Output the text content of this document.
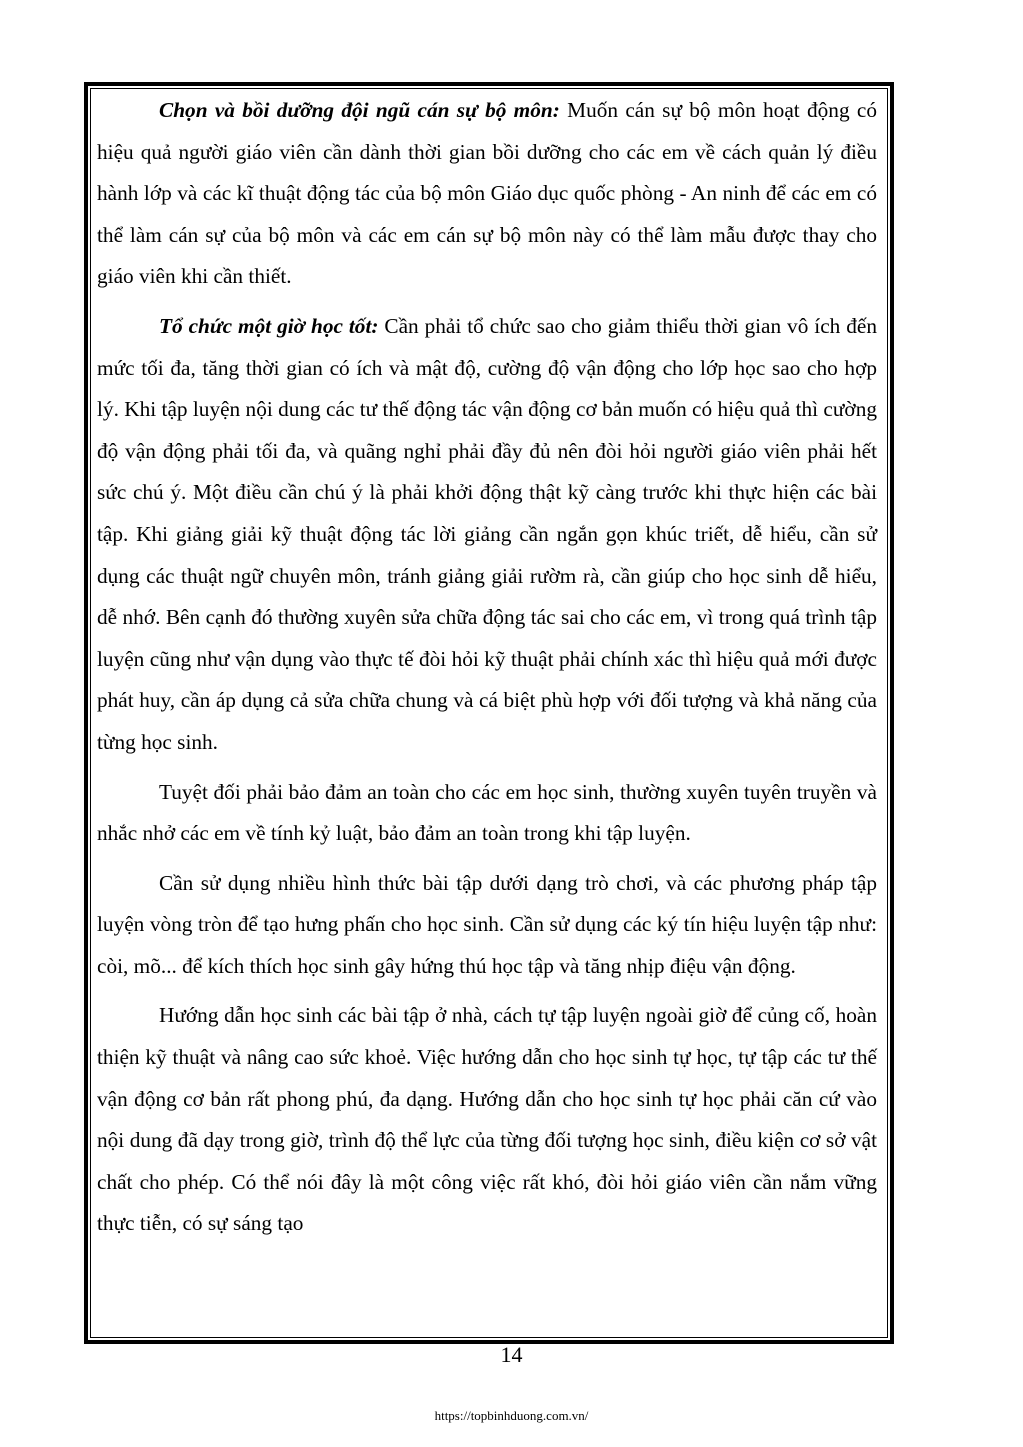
Chọn và bồi dưỡng đội ngũ cán sự bộ môn: Muốn cán sự bộ môn hoạt động có hiệu quả người giáo viên cần dành thời gian bồi dưỡng cho các em về cách quản lý điều hành lớp và các kĩ thuật động tác của bộ môn Giáo dục quốc phòng - An ninh để các em có thể làm cán sự của bộ môn và các em cán sự bộ môn này có thể làm mẫu được thay cho giáo viên khi cần thiết.

Tổ chức một giờ học tốt: Cần phải tổ chức sao cho giảm thiểu thời gian vô ích đến mức tối đa, tăng thời gian có ích và mật độ, cường độ vận động cho lớp học sao cho hợp lý. Khi tập luyện nội dung các tư thế động tác vận động cơ bản muốn có hiệu quả thì cường độ vận động phải tối đa, và quãng nghỉ phải đầy đủ nên đòi hỏi người giáo viên phải hết sức chú ý. Một điều cần chú ý là phải khởi động thật kỹ càng trước khi thực hiện các bài tập. Khi giảng giải kỹ thuật động tác lời giảng cần ngắn gọn khúc triết, dễ hiểu, cần sử dụng các thuật ngữ chuyên môn, tránh giảng giải rườm rà, cần giúp cho học sinh dễ hiểu, dễ nhớ. Bên cạnh đó thường xuyên sửa chữa động tác sai cho các em, vì trong quá trình tập luyện cũng như vận dụng vào thực tế đòi hỏi kỹ thuật phải chính xác thì hiệu quả mới được phát huy, cần áp dụng cả sửa chữa chung và cá biệt phù hợp với đối tượng và khả năng của từng học sinh.

Tuyệt đối phải bảo đảm an toàn cho các em học sinh, thường xuyên tuyên truyền và nhắc nhở các em về tính kỷ luật, bảo đảm an toàn trong khi tập luyện.

Cần sử dụng nhiều hình thức bài tập dưới dạng trò chơi, và các phương pháp tập luyện vòng tròn để tạo hưng phấn cho học sinh. Cần sử dụng các ký tín hiệu luyện tập như: còi, mõ... để kích thích học sinh gây hứng thú học tập và tăng nhịp điệu vận động.

Hướng dẫn học sinh các bài tập ở nhà, cách tự tập luyện ngoài giờ để củng cố, hoàn thiện kỹ thuật và nâng cao sức khoẻ. Việc hướng dẫn cho học sinh tự học, tự tập các tư thế vận động cơ bản rất phong phú, đa dạng. Hướng dẫn cho học sinh tự học phải căn cứ vào nội dung đã dạy trong giờ, trình độ thể lực của từng đối tượng học sinh, điều kiện cơ sở vật chất cho phép. Có thể nói đây là một công việc rất khó, đòi hỏi giáo viên cần nắm vững thực tiễn, có sự sáng tạo

14
https://topbinhduong.com.vn/
